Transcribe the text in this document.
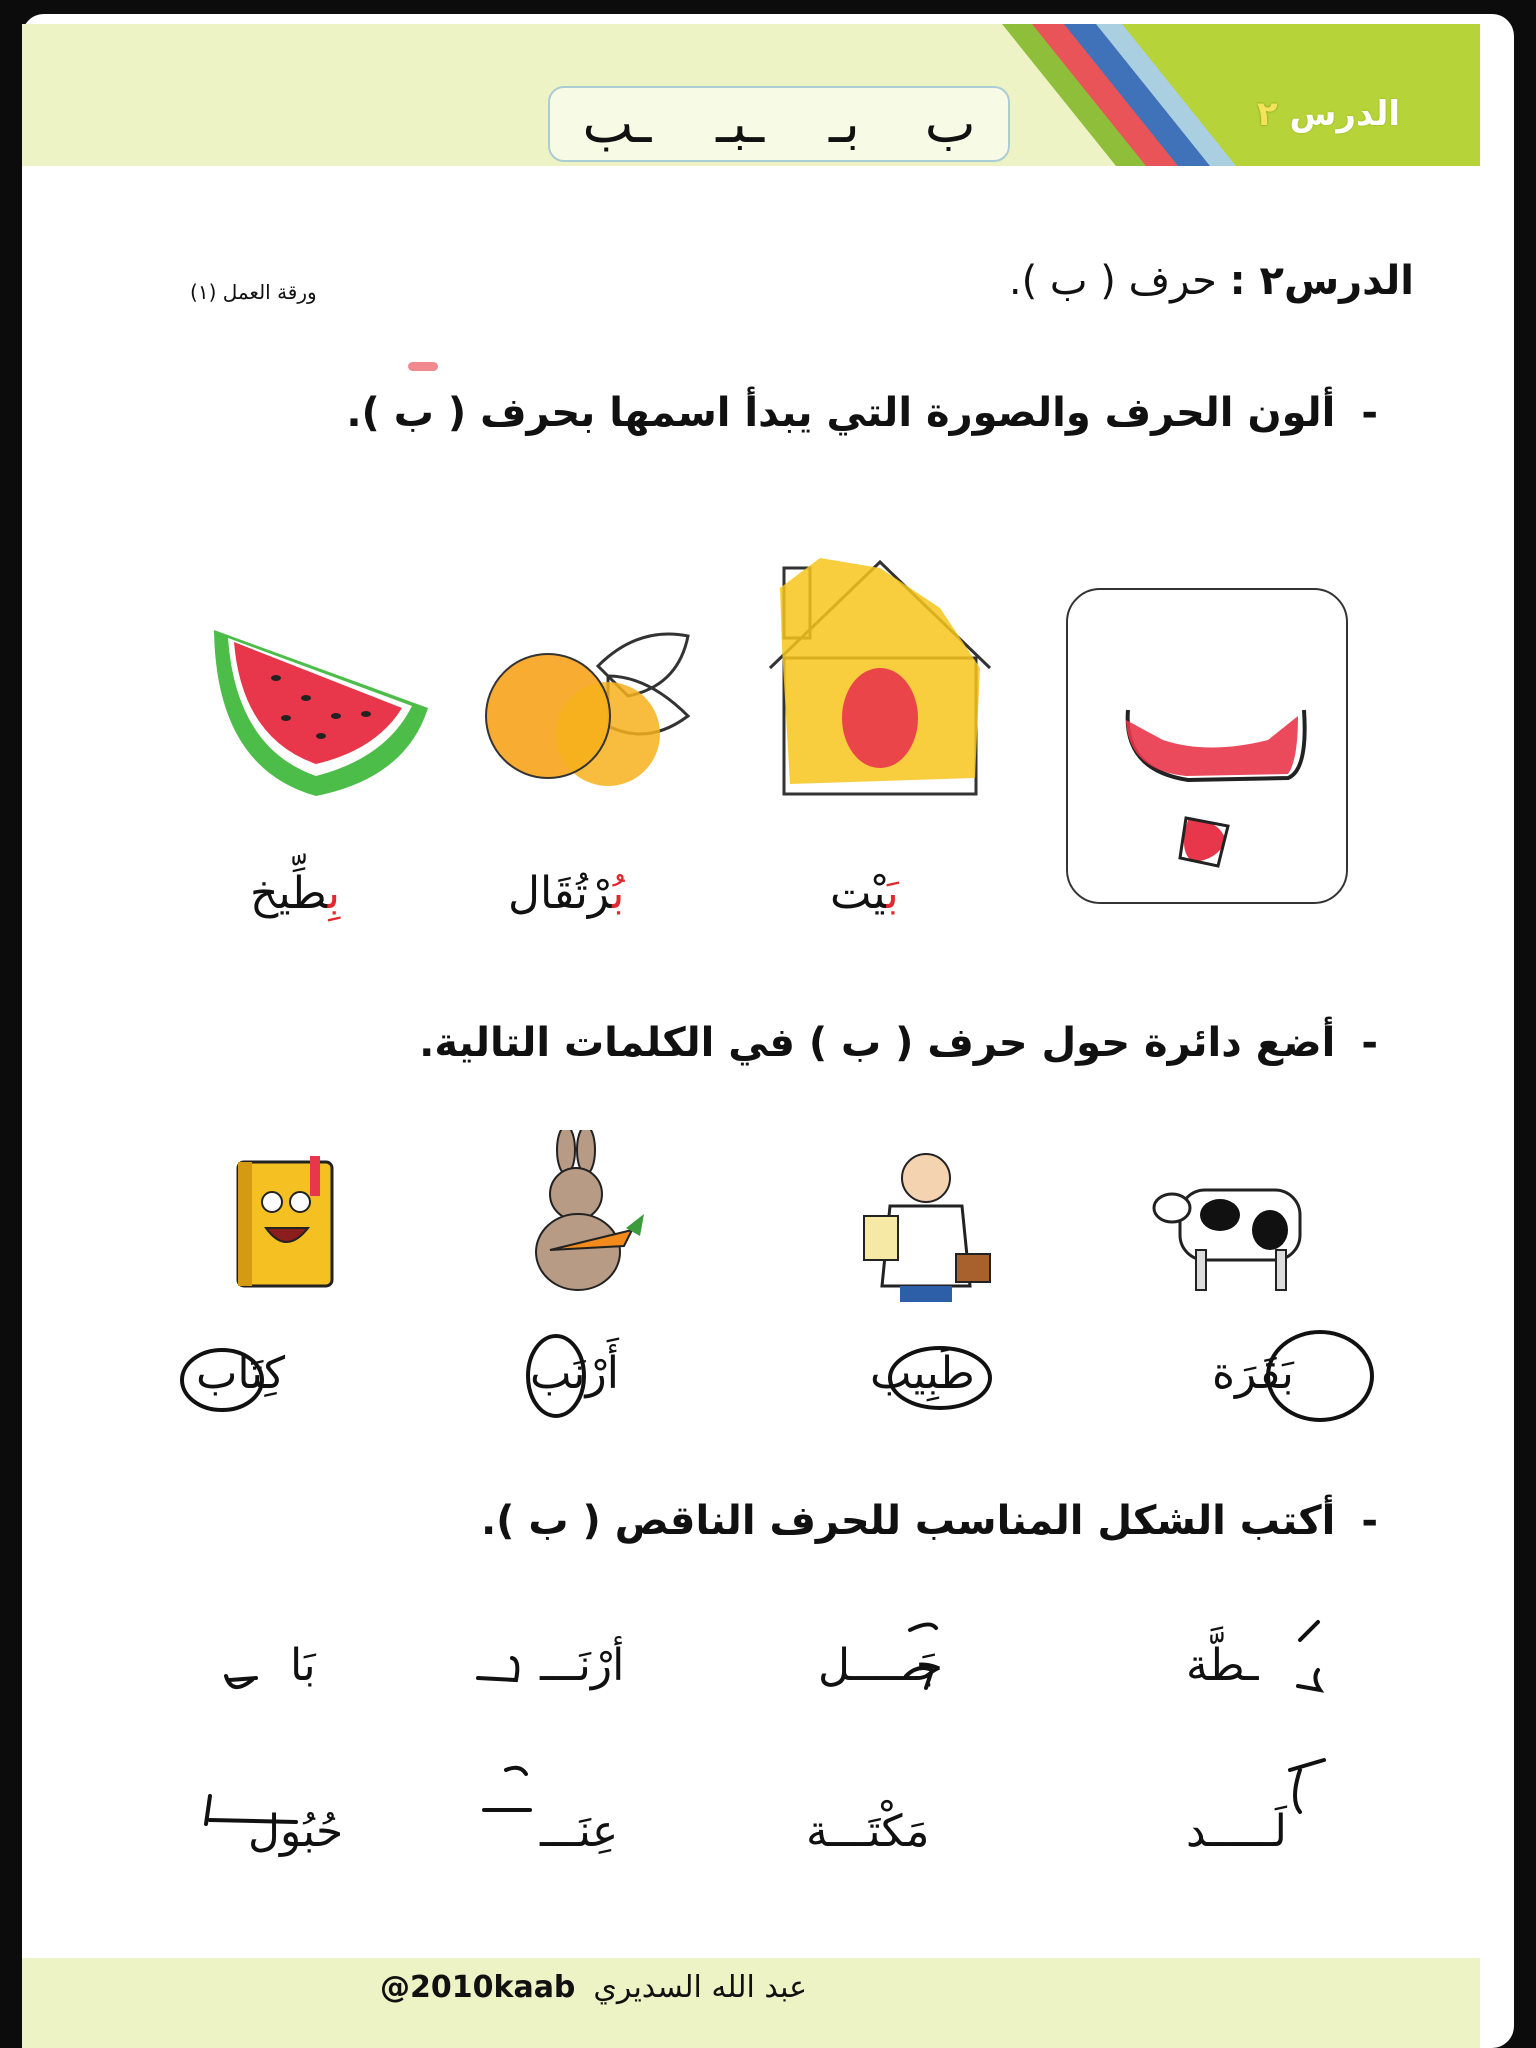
ـب ـبـ بـ ب	الدرس ٢
الدرس٢ : حرف ( ب ).
ورقة العمل (١)
-ألون الحرف والصورة التي يبدأ اسمها بحرف ( ب ).
بَيْت
بُرْتُقَال
بِطِّيخ
-أضع دائرة حول حرف ( ب ) في الكلمات التالية.
بَقَرَة
طَبِيب
أَرْنَب
كِتَاب
-أكتب الشكل المناسب للحرف الناقص ( ب ).
ـطَّة
جَـــــل
أرْنَـــ
بَا
لَـــــد
مَكْتَـــة
عِنَـــ
حُبُول
@2010kaab عبد الله السديري
